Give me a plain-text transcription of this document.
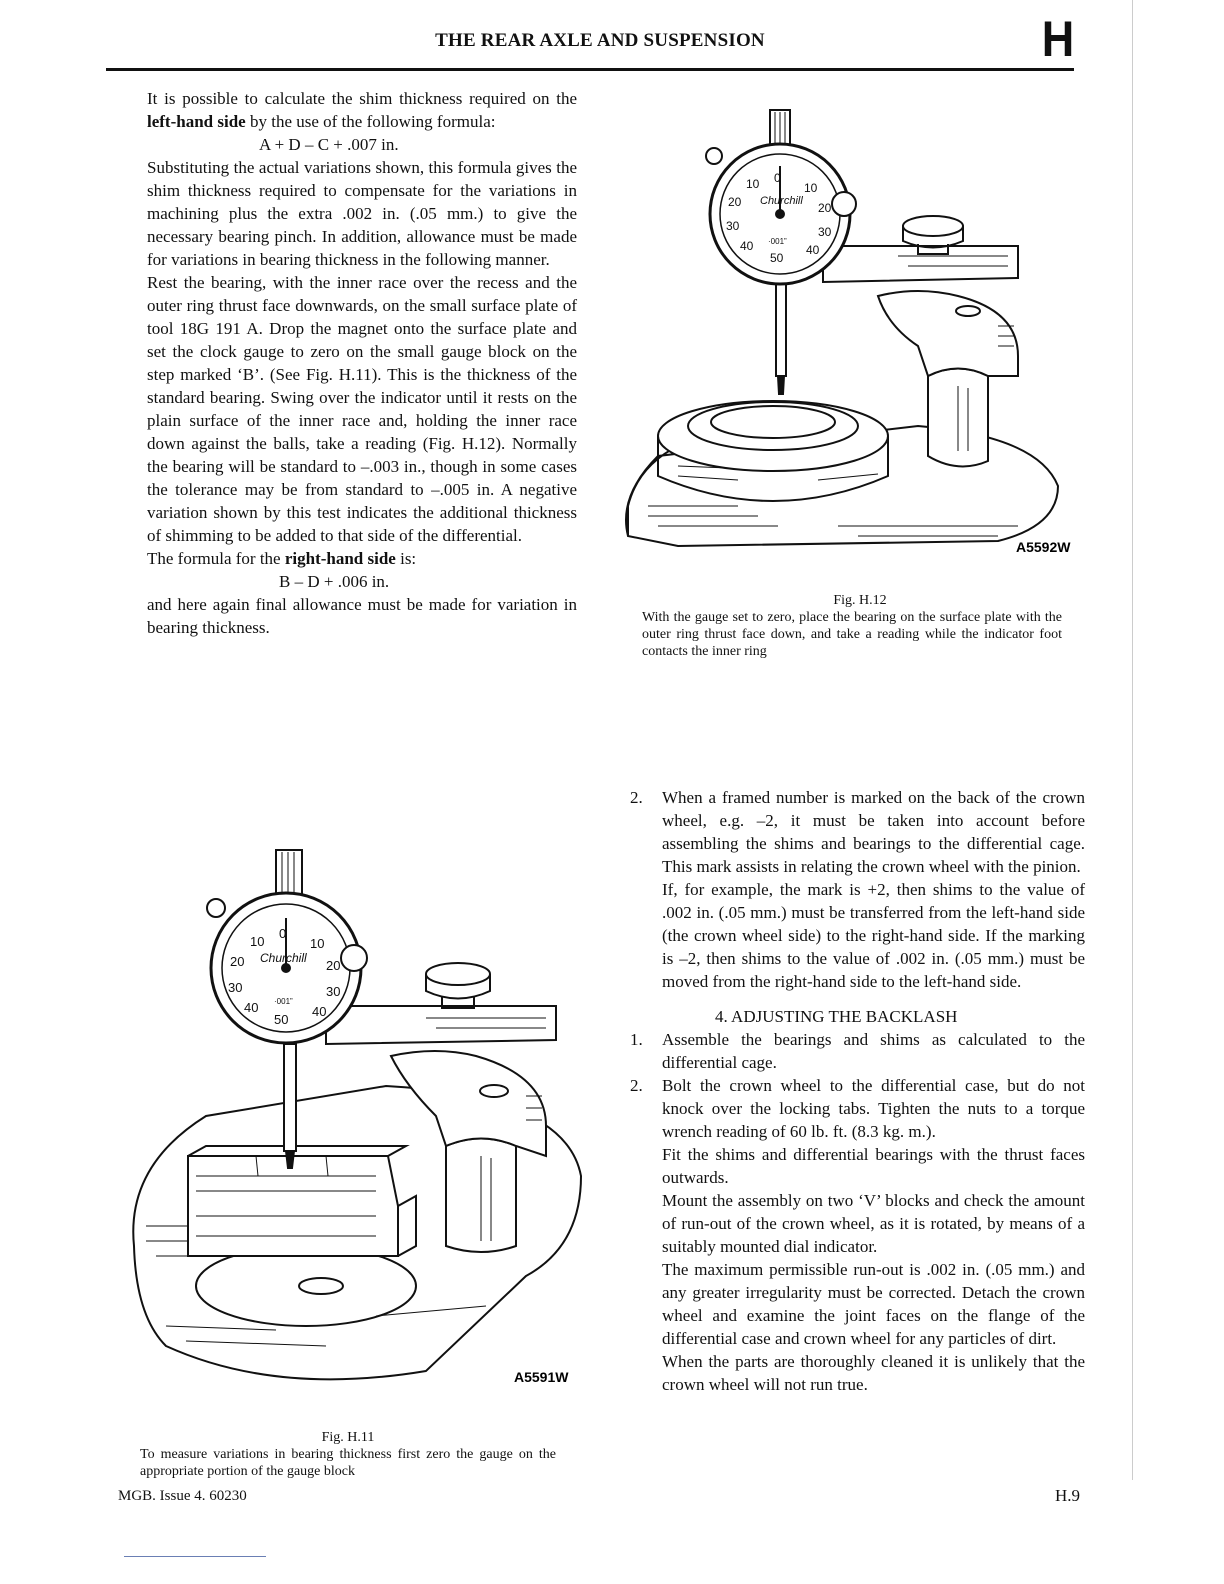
THE REAR AXLE AND SUSPENSION	H

It is possible to calculate the shim thickness required on the left-hand side by the use of the following formula:

A + D – C + .007 in.

Substituting the actual variations shown, this formula gives the shim thickness required to compensate for the variations in machining plus the extra .002 in. (.05 mm.) to give the necessary bearing pinch. In addition, allowance must be made for variations in bearing thickness in the following manner.

Rest the bearing, with the inner race over the recess and the outer ring thrust face downwards, on the small surface plate of tool 18G 191 A. Drop the magnet onto the surface plate and set the clock gauge to zero on the small gauge block on the step marked ‘B’. (See Fig. H.11). This is the thickness of the standard bearing. Swing over the indicator until it rests on the plain surface of the inner race and, holding the inner race down against the balls, take a reading (Fig. H.12). Normally the bearing will be standard to –.003 in., though in some cases the tolerance may be from standard to –.005 in. A negative variation shown by this test indicates the additional thickness of shimming to be added to that side of the differential.

The formula for the right-hand side is:

B – D + .006 in.

and here again final allowance must be made for variation in bearing thickness.

10 0
10
20	20
30	30
40	40
50
Churchill
·001”
A5592W
Fig. H.12
With the gauge set to zero, place the bearing on the surface plate with the outer ring thrust face down, and take a reading while the indicator foot contacts the inner ring
10
0
10
20	20
30	30
40	40
50
Churchill
·001”
A5591W
Fig. H.11
To measure variations in bearing thickness first zero the gauge on the appropriate portion of the gauge block
2. When a framed number is marked on the back of the crown wheel, e.g. –2, it must be taken into account before assembling the shims and bearings to the differential cage. This mark assists in relating the crown wheel with the pinion.

If, for example, the mark is +2, then shims to the value of .002 in. (.05 mm.) must be transferred from the left-hand side (the crown wheel side) to the right-hand side. If the marking is –2, then shims to the value of .002 in. (.05 mm.) must be moved from the right-hand side to the left-hand side.

4. ADJUSTING THE BACKLASH

1. Assemble the bearings and shims as calculated to the differential cage.

2. Bolt the crown wheel to the differential case, but do not knock over the locking tabs. Tighten the nuts to a torque wrench reading of 60 lb. ft. (8.3 kg. m.).

Fit the shims and differential bearings with the thrust faces outwards.

Mount the assembly on two ‘V’ blocks and check the amount of run-out of the crown wheel, as it is rotated, by means of a suitably mounted dial indicator.

The maximum permissible run-out is .002 in. (.05 mm.) and any greater irregularity must be corrected. Detach the crown wheel and examine the joint faces on the flange of the differential case and crown wheel for any particles of dirt.

When the parts are thoroughly cleaned it is unlikely that the crown wheel will not run true.

MGB. Issue 4. 60230	H.9
